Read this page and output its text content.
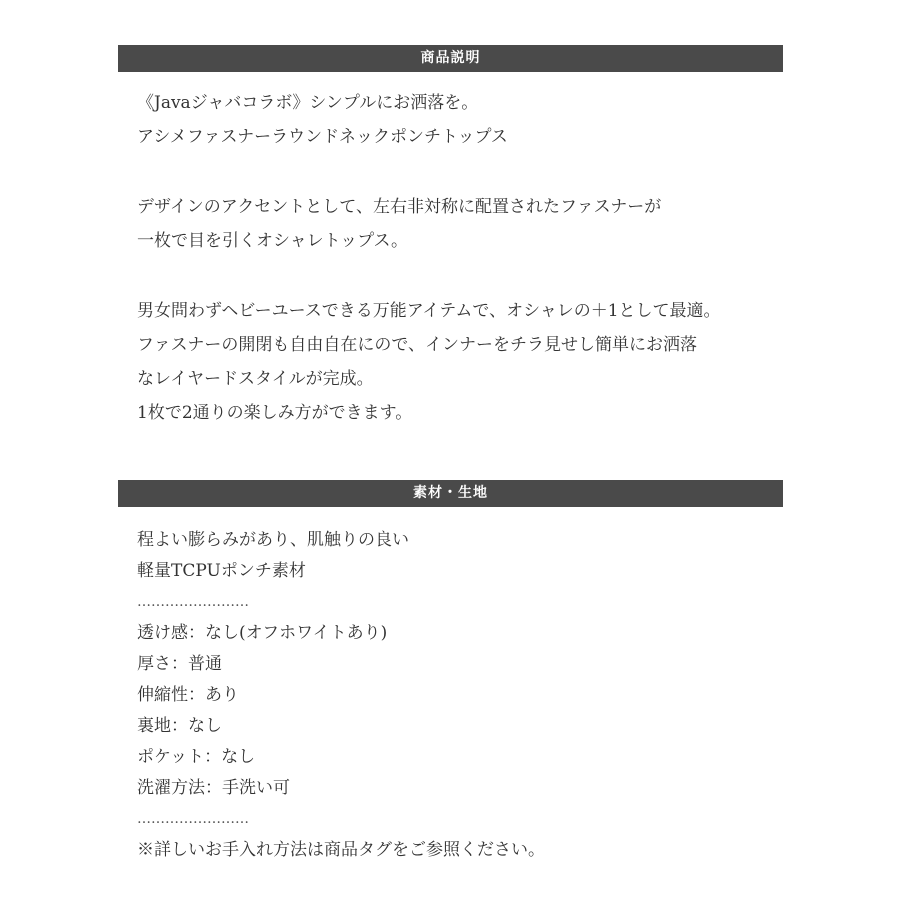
商品説明
《Javaジャバコラボ》シンプルにお洒落を。
アシメファスナーラウンドネックポンチトップス
デザインのアクセントとして、左右非対称に配置されたファスナーが
一枚で目を引くオシャレトップス。
男女問わずヘビーユースできる万能アイテムで、オシャレの＋1として最適。
ファスナーの開閉も自由自在にので、インナーをチラ見せし簡単にお洒落
なレイヤードスタイルが完成。
1枚で2通りの楽しみ方ができます。
素材・生地
程よい膨らみがあり、肌触りの良い
軽量TCPUポンチ素材
……………………
透け感：なし(オフホワイトあり)
厚さ：普通
伸縮性：あり
裏地：なし
ポケット：なし
洗濯方法：手洗い可
……………………
※詳しいお手入れ方法は商品タグをご参照ください。
